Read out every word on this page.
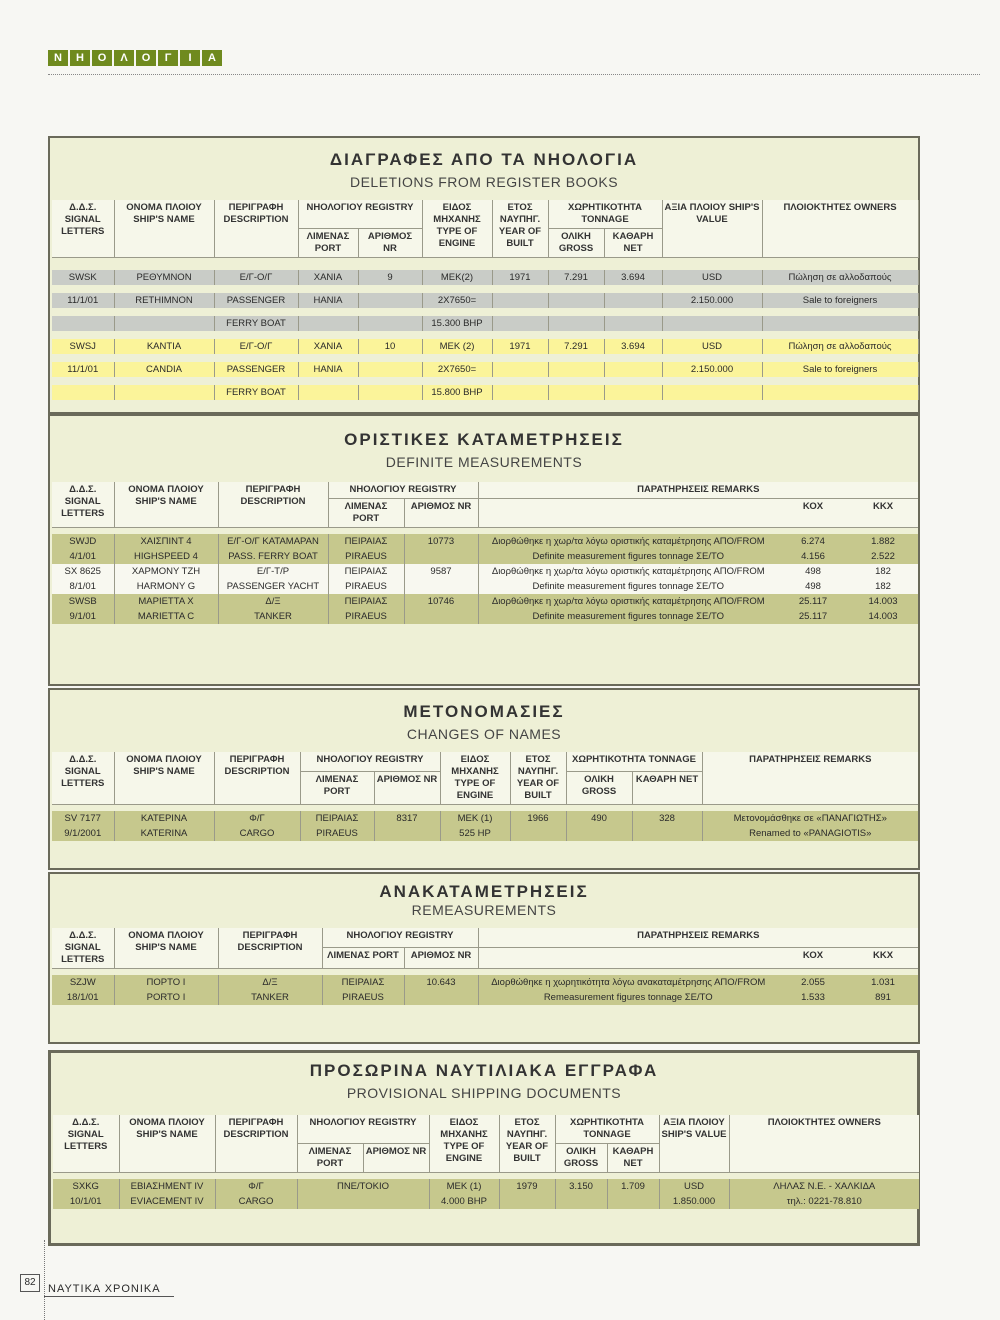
Ν	Η	Ο	Λ	Ο	Γ	Ι	Α
ΔΙΑΓΡΑΦΕΣ ΑΠΟ ΤΑ ΝΗΟΛΟΓΙΑ
DELETIONS FROM REGISTER BOOKS
Δ.Δ.Σ. SIGNAL LETTERS	ΟΝΟΜΑ ΠΛΟΙΟΥ SHIP'S NAME	ΠΕΡΙΓΡΑΦΗ DESCRIPTION	ΝΗΟΛΟΓΙΟΥ REGISTRY		ΕΙΔΟΣ ΜΗΧΑΝΗΣ TYPE OF ENGINE	ΕΤΟΣ ΝΑΥΠΗΓ. YEAR OF BUILT	ΧΩΡΗΤΙΚΟΤΗΤΑ TONNAGE		ΑΞΙΑ ΠΛΟΙΟΥ SHIP'S VALUE	ΠΛΟΙΟΚΤΗΤΕΣ OWNERS
			ΛΙΜΕΝΑΣ PORT	ΑΡΙΘΜΟΣ NR			ΟΛΙΚΗ GROSS	ΚΑΘΑΡΗ NET		

SWSK	ΡΕΘΥΜΝΟΝ	Ε/Γ-Ο/Γ	ΧΑΝΙΑ	9	ΜΕΚ(2)	1971	7.291	3.694	USD	Πώληση σε αλλοδαπούς

11/1/01	RETHIMNON	PASSENGER	HANIA		2X7650=				2.150.000	Sale to foreigners

		FERRY BOAT			15.300 BHP					

SWSJ	ΚΑΝΤΙΑ	Ε/Γ-Ο/Γ	ΧΑΝΙΑ	10	ΜΕΚ (2)	1971	7.291	3.694	USD	Πώληση σε αλλοδαπούς

11/1/01	CANDIA	PASSENGER	HANIA		2X7650=				2.150.000	Sale to foreigners

		FERRY BOAT			15.800 BHP					
ΟΡΙΣΤΙΚΕΣ ΚΑΤΑΜΕΤΡΗΣΕΙΣ
DEFINITE MEASUREMENTS
Δ.Δ.Σ. SIGNAL LETTERS	ΟΝΟΜΑ ΠΛΟΙΟΥ SHIP'S NAME	ΠΕΡΙΓΡΑΦΗ DESCRIPTION	ΝΗΟΛΟΓΙΟΥ REGISTRY		ΠΑΡΑΤΗΡΗΣΕΙΣ REMARKS		
			ΛΙΜΕΝΑΣ PORT	ΑΡΙΘΜΟΣ NR		ΚΟΧ	ΚΚΧ

SWJD	ΧΑΙΣΠΙΝΤ 4	Ε/Γ-Ο/Γ ΚΑΤΑΜΑΡΑΝ	ΠΕΙΡΑΙΑΣ	10773	Διορθώθηκε η χωρ/τα λόγω οριστικής καταμέτρησης ΑΠΟ/FROM	6.274	1.882
4/1/01	HIGHSPEED 4	PASS. FERRY BOAT	PIRAEUS		Definite measurement figures tonnage ΣΕ/ΤΟ	4.156	2.522
SX 8625	ΧΑΡΜΟΝΥ ΤΖΗ	Ε/Γ-Τ/Ρ	ΠΕΙΡΑΙΑΣ	9587	Διορθώθηκε η χωρ/τα λόγω οριστικής καταμέτρησης ΑΠΟ/FROM	498	182
8/1/01	HARMONY G	PASSENGER YACHT	PIRAEUS		Definite measurement figures tonnage ΣΕ/ΤΟ	498	182
SWSB	ΜΑΡΙΕΤΤΑ Χ	Δ/Ξ	ΠΕΙΡΑΙΑΣ	10746	Διορθώθηκε η χωρ/τα λόγω οριστικής καταμέτρησης ΑΠΟ/FROM	25.117	14.003
9/1/01	MARIETTA C	TANKER	PIRAEUS		Definite measurement figures tonnage ΣΕ/ΤΟ	25.117	14.003
ΜΕΤΟΝΟΜΑΣΙΕΣ
CHANGES OF NAMES
Δ.Δ.Σ. SIGNAL LETTERS	ΟΝΟΜΑ ΠΛΟΙΟΥ SHIP'S NAME	ΠΕΡΙΓΡΑΦΗ DESCRIPTION	ΝΗΟΛΟΓΙΟΥ REGISTRY		ΕΙΔΟΣ ΜΗΧΑΝΗΣ TYPE OF ENGINE	ΕΤΟΣ ΝΑΥΠΗΓ. YEAR OF BUILT	ΧΩΡΗΤΙΚΟΤΗΤΑ TONNAGE		ΠΑΡΑΤΗΡΗΣΕΙΣ REMARKS
			ΛΙΜΕΝΑΣ PORT	ΑΡΙΘΜΟΣ NR			ΟΛΙΚΗ GROSS	ΚΑΘΑΡΗ NET	

SV 7177	ΚΑΤΕΡΙΝΑ	Φ/Γ	ΠΕΙΡΑΙΑΣ	8317	ΜΕΚ (1)	1966	490	328	Μετονομάσθηκε σε «ΠΑΝΑΓΙΩΤΗΣ»
9/1/2001	KATERINA	CARGO	PIRAEUS		525 HP				Renamed to «PANAGIOTIS»
ΑΝΑΚΑΤΑΜΕΤΡΗΣΕΙΣ
REMEASUREMENTS
Δ.Δ.Σ. SIGNAL LETTERS	ΟΝΟΜΑ ΠΛΟΙΟΥ SHIP'S NAME	ΠΕΡΙΓΡΑΦΗ DESCRIPTION	ΝΗΟΛΟΓΙΟΥ REGISTRY		ΠΑΡΑΤΗΡΗΣΕΙΣ REMARKS		
			ΛΙΜΕΝΑΣ PORT	ΑΡΙΘΜΟΣ NR		ΚΟΧ	ΚΚΧ

SZJW	ΠΟΡΤΟ Ι	Δ/Ξ	ΠΕΙΡΑΙΑΣ	10.643	Διορθώθηκε η χωρητικότητα λόγω ανακαταμέτρησης ΑΠΟ/FROM	2.055	1.031
18/1/01	PORTO I	TANKER	PIRAEUS		Remeasurement figures tonnage ΣΕ/ΤΟ	1.533	891
ΠΡΟΣΩΡΙΝΑ ΝΑΥΤΙΛΙΑΚΑ ΕΓΓΡΑΦΑ
PROVISIONAL SHIPPING DOCUMENTS
Δ.Δ.Σ. SIGNAL LETTERS	ΟΝΟΜΑ ΠΛΟΙΟΥ SHIP'S NAME	ΠΕΡΙΓΡΑΦΗ DESCRIPTION	ΝΗΟΛΟΓΙΟΥ REGISTRY		ΕΙΔΟΣ ΜΗΧΑΝΗΣ TYPE OF ENGINE	ΕΤΟΣ ΝΑΥΠΗΓ. YEAR OF BUILT	ΧΩΡΗΤΙΚΟΤΗΤΑ TONNAGE		ΑΞΙΑ ΠΛΟΙΟΥ SHIP'S VALUE	ΠΛΟΙΟΚΤΗΤΕΣ OWNERS
			ΛΙΜΕΝΑΣ PORT	ΑΡΙΘΜΟΣ NR			ΟΛΙΚΗ GROSS	ΚΑΘΑΡΗ NET		

SXKG	ΕΒΙΑΣΗΜΕΝΤ IV	Φ/Γ	ΠΝΕ/ΤΟΚΙΟ		ΜΕΚ (1)	1979	3.150	1.709	USD	ΛΗΛΑΣ Ν.Ε. - ΧΑΛΚΙΔΑ
10/1/01	EVIACEMENT IV	CARGO			4.000 BHP				1.850.000	τηλ.: 0221-78.810
82
ΝΑΥΤΙΚΑ ΧΡΟΝΙΚΑ
